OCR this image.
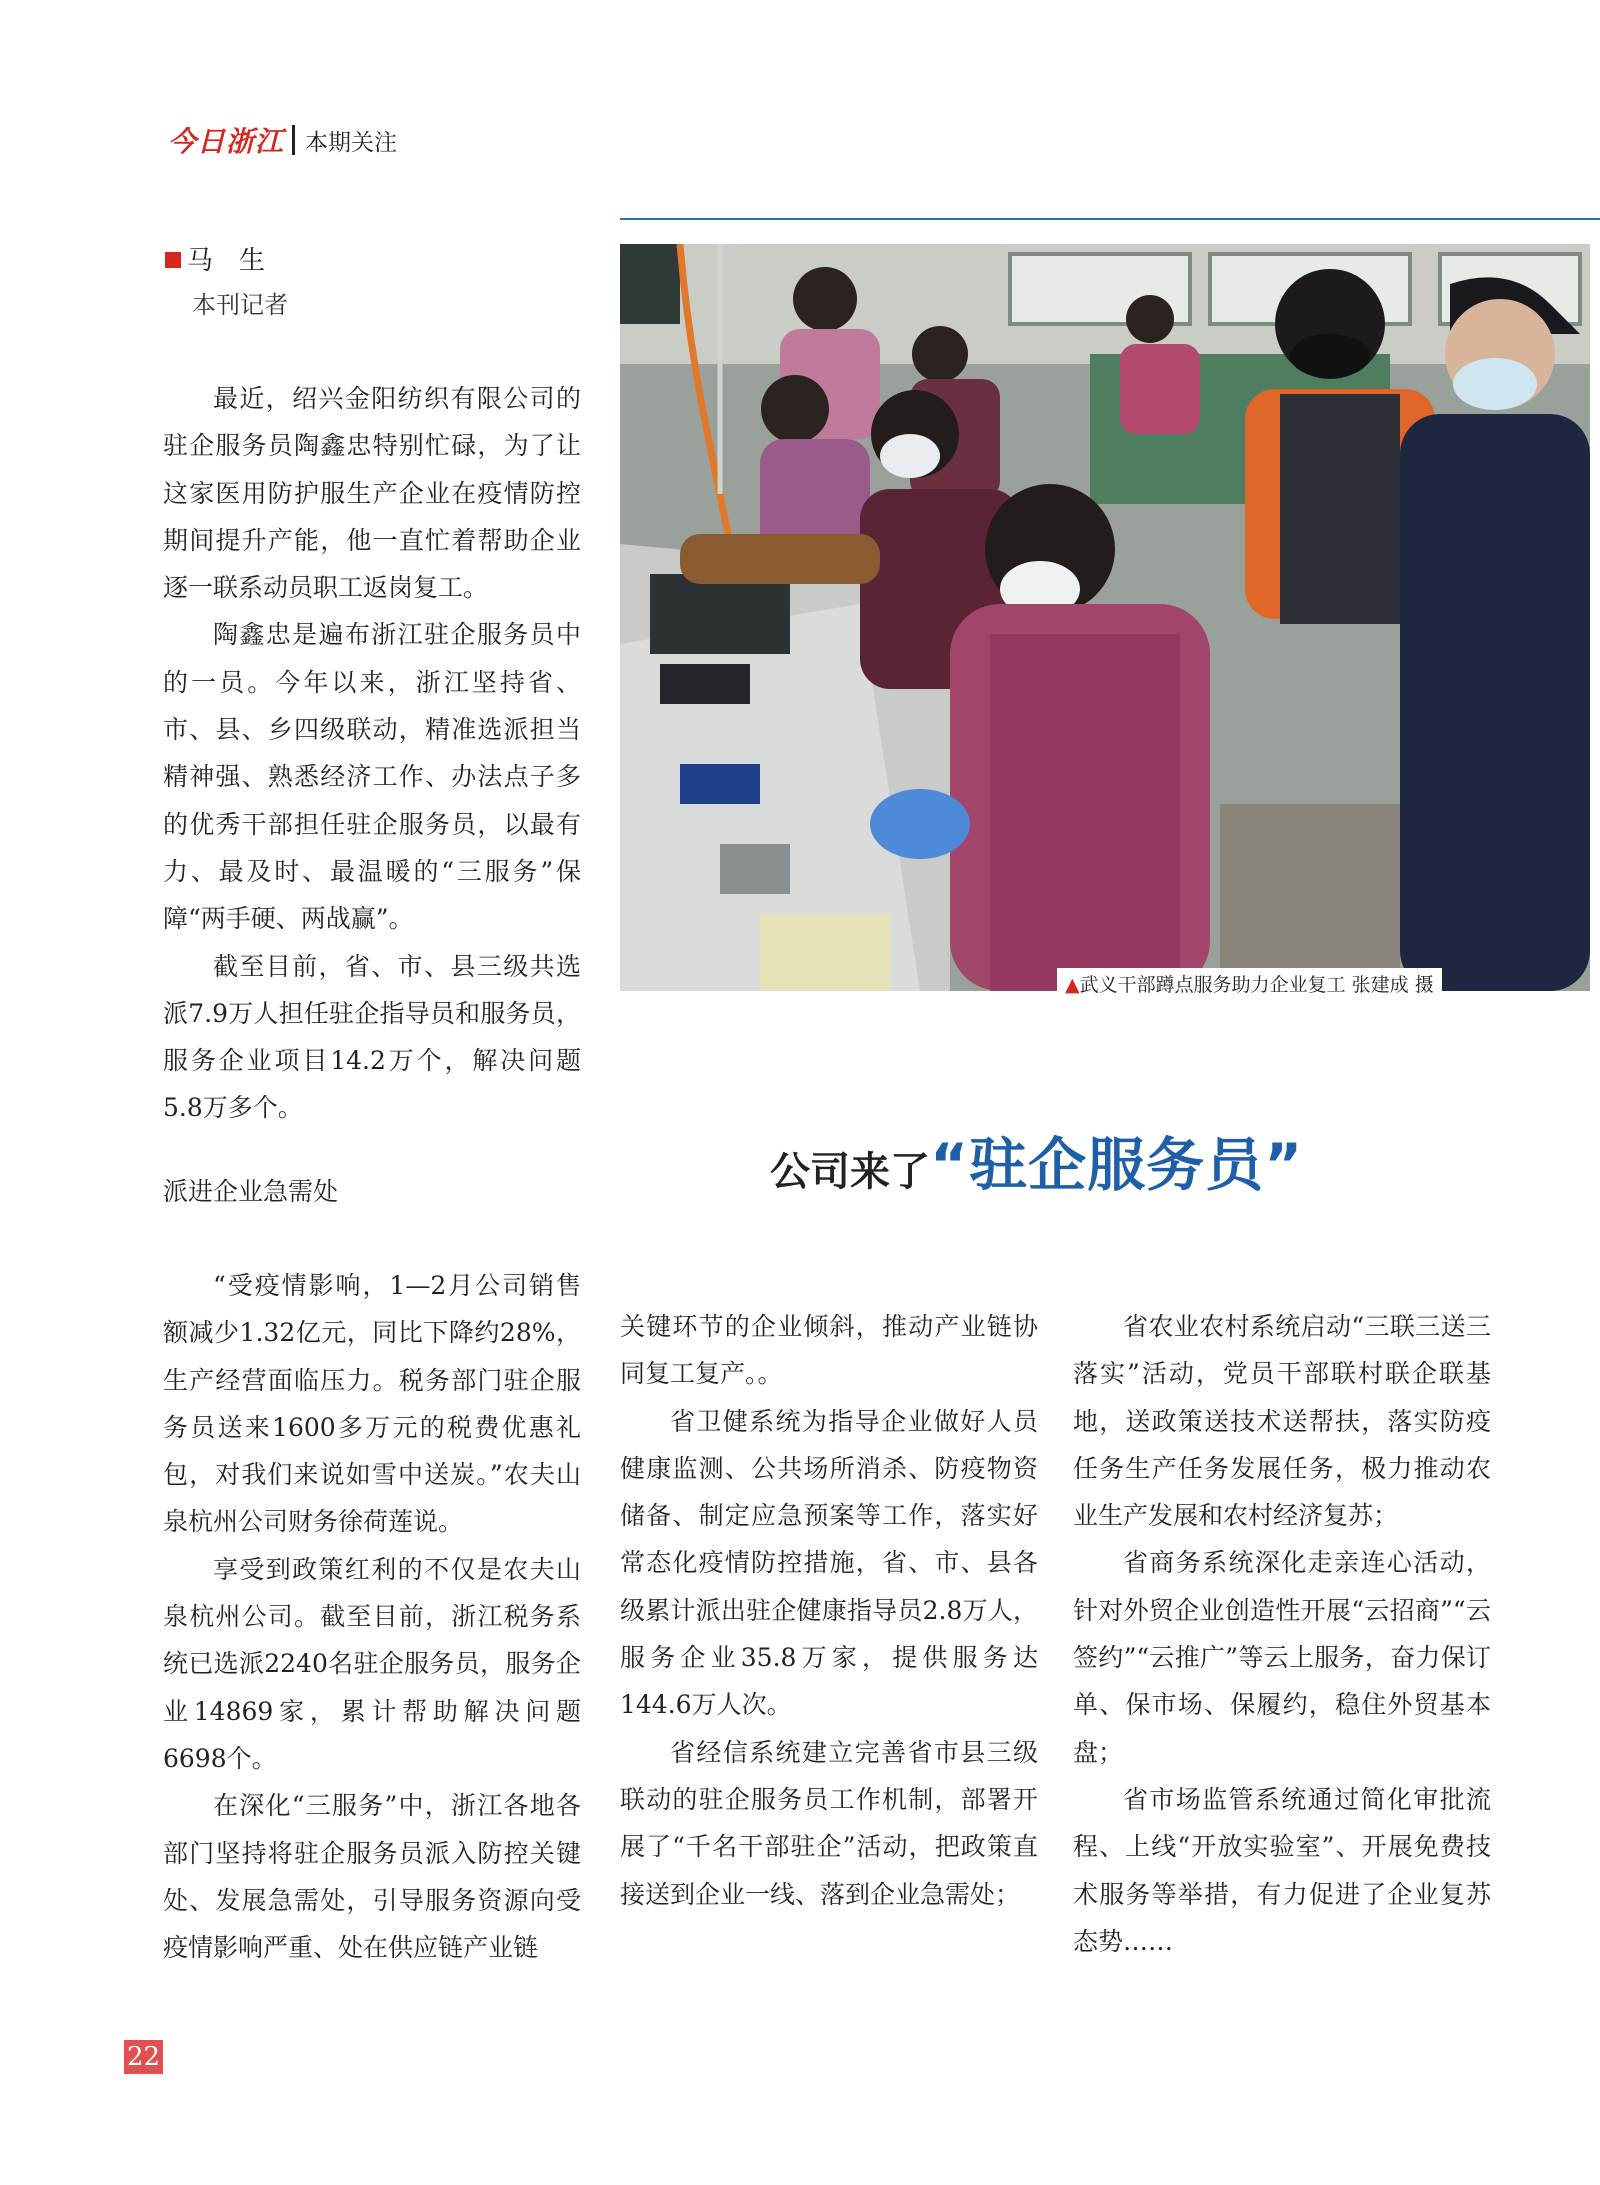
今日浙江 本期关注
马　生
本刊记者

最近，绍兴金阳纺织有限公司的驻企服务员陶鑫忠特别忙碌，为了让这家医用防护服生产企业在疫情防控期间提升产能，他一直忙着帮助企业逐一联系动员职工返岗复工。

陶鑫忠是遍布浙江驻企服务员中的一员。今年以来，浙江坚持省、市、县、乡四级联动，精准选派担当精神强、熟悉经济工作、办法点子多的优秀干部担任驻企服务员，以最有力、最及时、最温暖的“三服务”保障“两手硬、两战赢”。

截至目前，省、市、县三级共选派7.9万人担任驻企指导员和服务员，服务企业项目14.2万个，解决问题5.8万多个。

派进企业急需处

“受疫情影响，1—2月公司销售额减少1.32亿元，同比下降约28%，生产经营面临压力。税务部门驻企服务员送来1600多万元的税费优惠礼包，对我们来说如雪中送炭。”农夫山泉杭州公司财务徐荷莲说。

享受到政策红利的不仅是农夫山泉杭州公司。截至目前，浙江税务系统已选派2240名驻企服务员，服务企业14869家，累计帮助解决问题6698个。

在深化“三服务”中，浙江各地各部门坚持将驻企服务员派入防控关键处、发展急需处，引导服务资源向受疫情影响严重、处在供应链产业链

▲武义干部蹲点服务助力企业复工 张建成 摄
公司来了“驻企服务员”

关键环节的企业倾斜，推动产业链协同复工复产。。

省卫健系统为指导企业做好人员健康监测、公共场所消杀、防疫物资储备、制定应急预案等工作，落实好常态化疫情防控措施，省、市、县各级累计派出驻企健康指导员2.8万人，服务企业35.8万家，提供服务达144.6万人次。

省经信系统建立完善省市县三级联动的驻企服务员工作机制，部署开展了“千名干部驻企”活动，把政策直接送到企业一线、落到企业急需处；

省农业农村系统启动“三联三送三落实”活动，党员干部联村联企联基地，送政策送技术送帮扶，落实防疫任务生产任务发展任务，极力推动农业生产发展和农村经济复苏；

省商务系统深化走亲连心活动，针对外贸企业创造性开展“云招商”“云签约”“云推广”等云上服务，奋力保订单、保市场、保履约，稳住外贸基本盘；

省市场监管系统通过简化审批流程、上线“开放实验室”、开展免费技术服务等举措，有力促进了企业复苏态势……

22
